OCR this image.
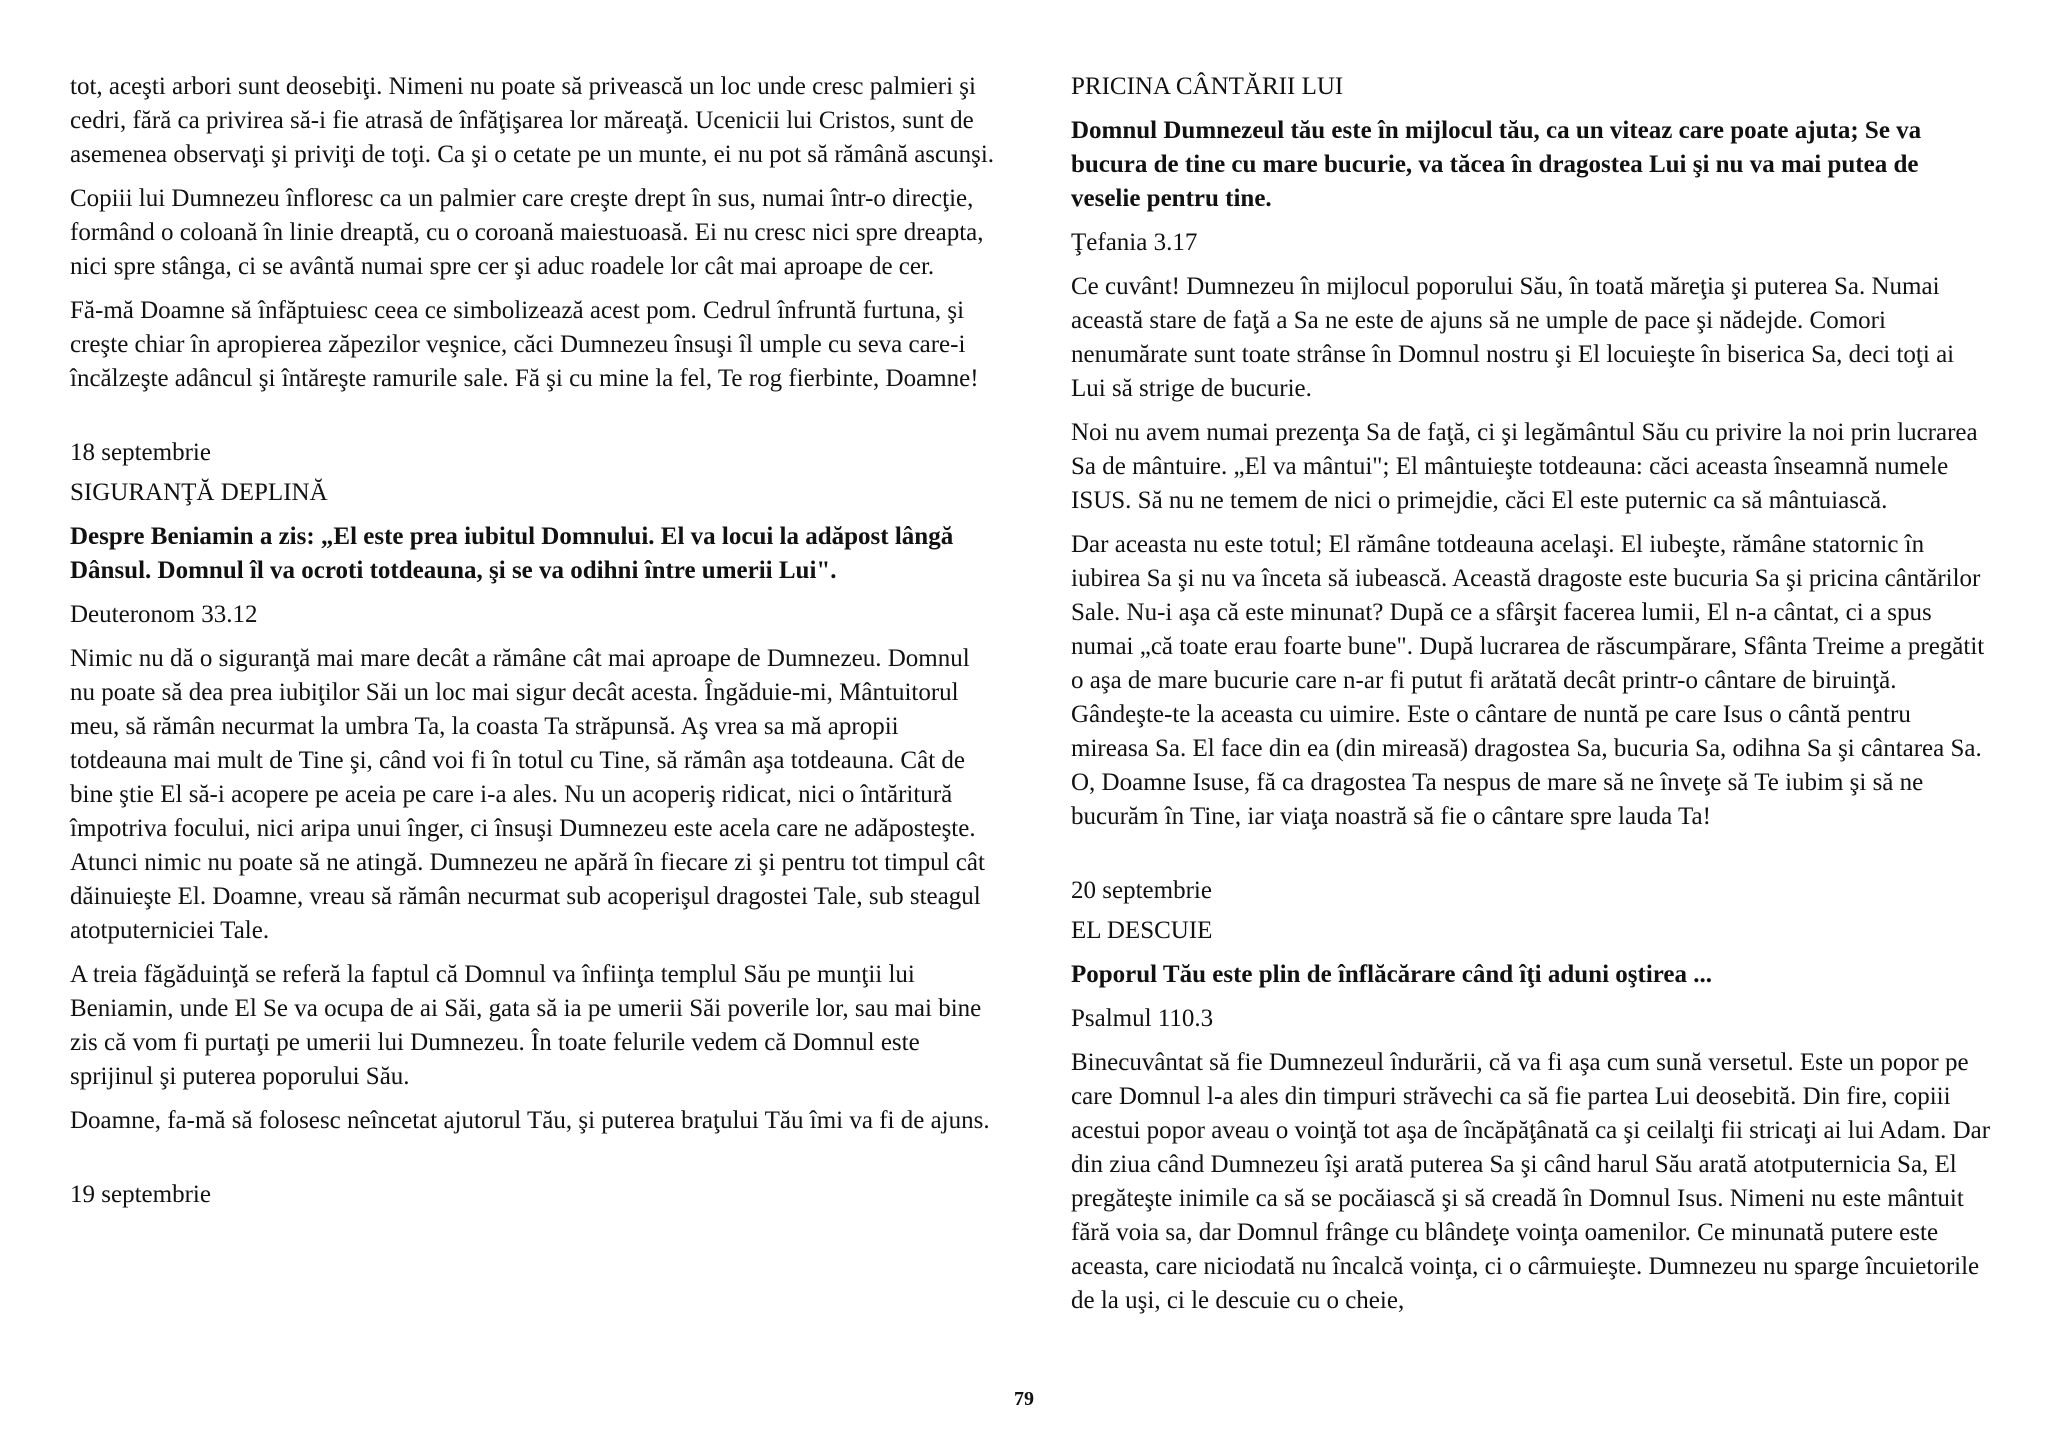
tot, aceşti arbori sunt deosebiţi. Nimeni nu poate să privească un loc unde cresc palmieri şi cedri, fără ca privirea să-i fie atrasă de înfăţişarea lor măreaţă. Ucenicii lui Cristos, sunt de asemenea observaţi şi priviţi de toţi. Ca şi o cetate pe un munte, ei nu pot să rămână ascunşi.

Copiii lui Dumnezeu înfloresc ca un palmier care creşte drept în sus, numai într-o direcţie, formând o coloană în linie dreaptă, cu o coroană maiestuoasă. Ei nu cresc nici spre dreapta, nici spre stânga, ci se avântă numai spre cer şi aduc roadele lor cât mai aproape de cer.

Fă-mă Doamne să înfăptuiesc ceea ce simbolizează acest pom. Cedrul înfruntă furtuna, şi creşte chiar în apropierea zăpezilor veşnice, căci Dumnezeu însuşi îl umple cu seva care-i încălzeşte adâncul şi întăreşte ramurile sale. Fă şi cu mine la fel, Te rog fierbinte, Doamne!

18 septembrie

SIGURANŢĂ DEPLINĂ

Despre Beniamin a zis: „El este prea iubitul Domnului. El va locui la adăpost lângă Dânsul. Domnul îl va ocroti totdeauna, şi se va odihni între umerii Lui".

Deuteronom 33.12

Nimic nu dă o siguranţă mai mare decât a rămâne cât mai aproape de Dumnezeu. Domnul nu poate să dea prea iubiţilor Săi un loc mai sigur decât acesta. Îngăduie-mi, Mântuitorul meu, să rămân necurmat la umbra Ta, la coasta Ta străpunsă. Aş vrea sa mă apropii totdeauna mai mult de Tine şi, când voi fi în totul cu Tine, să rămân aşa totdeauna. Cât de bine ştie El să-i acopere pe aceia pe care i-a ales. Nu un acoperiş ridicat, nici o întăritură împotriva focului, nici aripa unui înger, ci însuşi Dumnezeu este acela care ne adăposteşte. Atunci nimic nu poate să ne atingă. Dumnezeu ne apără în fiecare zi şi pentru tot timpul cât dăinuieşte El. Doamne, vreau să rămân necurmat sub acoperişul dragostei Tale, sub steagul atotputerniciei Tale.

A treia făgăduinţă se referă la faptul că Domnul va înfiinţa templul Său pe munţii lui Beniamin, unde El Se va ocupa de ai Săi, gata să ia pe umerii Săi poverile lor, sau mai bine zis că vom fi purtaţi pe umerii lui Dumnezeu. În toate felurile vedem că Domnul este sprijinul şi puterea poporului Său.

Doamne, fa-mă să folosesc neîncetat ajutorul Tău, şi puterea braţului Tău îmi va fi de ajuns.

19 septembrie

PRICINA CÂNTĂRII LUI

Domnul Dumnezeul tău este în mijlocul tău, ca un viteaz care poate ajuta; Se va bucura de tine cu mare bucurie, va tăcea în dragostea Lui şi nu va mai putea de veselie pentru tine.

Ţefania 3.17

Ce cuvânt! Dumnezeu în mijlocul poporului Său, în toată măreţia şi puterea Sa. Numai această stare de faţă a Sa ne este de ajuns să ne umple de pace şi nădejde. Comori nenumărate sunt toate strânse în Domnul nostru şi El locuieşte în biserica Sa, deci toţi ai Lui să strige de bucurie.

Noi nu avem numai prezenţa Sa de faţă, ci şi legământul Său cu privire la noi prin lucrarea Sa de mântuire. „El va mântui"; El mântuieşte totdeauna: căci aceasta înseamnă numele ISUS. Să nu ne temem de nici o primejdie, căci El este puternic ca să mântuiască.

Dar aceasta nu este totul; El rămâne totdeauna acelaşi. El iubeşte, rămâne statornic în iubirea Sa şi nu va înceta să iubească. Această dragoste este bucuria Sa şi pricina cântărilor Sale. Nu-i aşa că este minunat? După ce a sfârşit facerea lumii, El n-a cântat, ci a spus numai „că toate erau foarte bune". După lucrarea de răscumpărare, Sfânta Treime a pregătit o aşa de mare bucurie care n-ar fi putut fi arătată decât printr-o cântare de biruinţă. Gândeşte-te la aceasta cu uimire. Este o cântare de nuntă pe care Isus o cântă pentru mireasa Sa. El face din ea (din mireasă) dragostea Sa, bucuria Sa, odihna Sa şi cântarea Sa. O, Doamne Isuse, fă ca dragostea Ta nespus de mare să ne înveţe să Te iubim şi să ne bucurăm în Tine, iar viaţa noastră să fie o cântare spre lauda Ta!

20 septembrie

EL DESCUIE

Poporul Tău este plin de înflăcărare când îţi aduni oştirea ...

Psalmul 110.3

Binecuvântat să fie Dumnezeul îndurării, că va fi aşa cum sună versetul. Este un popor pe care Domnul l-a ales din timpuri străvechi ca să fie partea Lui deosebită. Din fire, copiii acestui popor aveau o voinţă tot aşa de încăpăţânată ca şi ceilalţi fii stricaţi ai lui Adam. Dar din ziua când Dumnezeu îşi arată puterea Sa şi când harul Său arată atotputernicia Sa, El pregăteşte inimile ca să se pocăiască şi să creadă în Domnul Isus. Nimeni nu este mântuit fără voia sa, dar Domnul frânge cu blândeţe voinţa oamenilor. Ce minunată putere este aceasta, care niciodată nu încalcă voinţa, ci o cârmuieşte. Dumnezeu nu sparge încuietorile de la uşi, ci le descuie cu o cheie,

79
